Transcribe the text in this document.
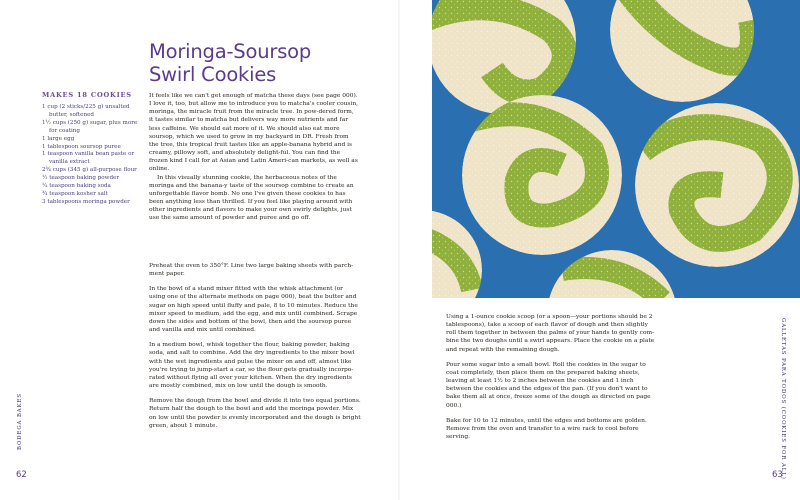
Moringa-Soursop
Swirl Cookies
MAKES 18 COOKIES
1 cup (2 sticks/225 g) unsalted butter, softened
1½ cups (250 g) sugar, plus more for coating
1 large egg
1 tablespoon soursop puree
1 teaspoon vanilla bean paste or vanilla extract
2¾ cups (345 g) all-purpose flour
½ teaspoon baking powder
¼ teaspoon baking soda
¾ teaspoon kosher salt
3 tablespoons moringa powder

It feels like we can't get enough of matcha these days (see page 000). I love it, too, but allow me to introduce you to matcha's cooler cousin, moringa, the miracle fruit from the miracle tree. In pow-dered form, it tastes similar to matcha but delivers way more nutrients and far less caffeine. We should eat more of it. We should also eat more soursop, which we used to grow in my backyard in DR. Fresh from the tree, this tropical fruit tastes like an apple-banana hybrid and is creamy, pillowy soft, and absolutely delight-ful. You can find the frozen kind I call for at Asian and Latin Ameri-can markets, as well as online.

In this visually stunning cookie, the herbaceous notes of the moringa and the banana-y taste of the soursop combine to create an unforgettable flavor bomb. No one I've given these cookies to has been anything less than thrilled. If you feel like playing around with other ingredients and flavors to make your own swirly delights, just use the same amount of powder and puree and go off.

Preheat the oven to 350°F. Line two large baking sheets with parch-ment paper.

In the bowl of a stand mixer fitted with the whisk attachment (or using one of the alternate methods on page 000), beat the butter and sugar on high speed until fluffy and pale, 8 to 10 minutes. Reduce the mixer speed to medium, add the egg, and mix until combined. Scrape down the sides and bottom of the bowl, then add the soursop puree and vanilla and mix until combined.

In a medium bowl, whisk together the flour, baking powder, baking soda, and salt to combine. Add the dry ingredients to the mixer bowl with the wet ingredients and pulse the mixer on and off, almost like you're trying to jump-start a car, so the flour gets gradually incorpo-rated without flying all over your kitchen. When the dry ingredients are mostly combined, mix on low until the dough is smooth.

Remove the dough from the bowl and divide it into two equal portions. Return half the dough to the bowl and add the moringa powder. Mix on low until the powder is evenly incorporated and the dough is bright green, about 1 minute.

BODEGA BAKES
62

Using a 1-ounce cookie scoop (or a spoon—your portions should be 2 tablespoons), take a scoop of each flavor of dough and then slightly roll them together in between the palms of your hands to gently com-bine the two doughs until a swirl appears. Place the cookie on a plate and repeat with the remaining dough.

Pour some sugar into a small bowl. Roll the cookies in the sugar to coat completely, then place them on the prepared baking sheets, leaving at least 1½ to 2 inches between the cookies and 1 inch between the cookies and the edges of the pan. (If you don't want to bake them all at once, freeze some of the dough as directed on page 000.)

Bake for 10 to 12 minutes, until the edges and bottoms are golden. Remove from the oven and transfer to a wire rack to cool before serving.	GALLETAS PARA TODOS (COOKIES FOR ALL)
63
